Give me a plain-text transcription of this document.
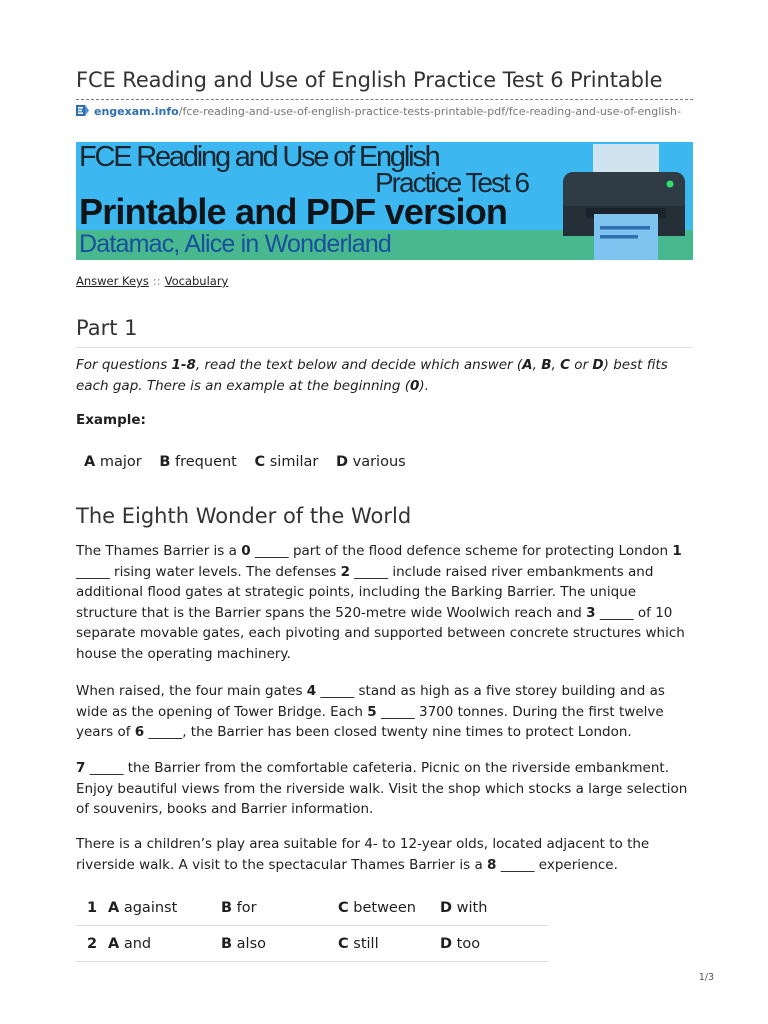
FCE Reading and Use of English Practice Test 6 Printable
engexam.info/fce-reading-and-use-of-english-practice-tests-printable-pdf/fce-reading-and-use-of-english-
FCE Reading and Use of English
Practice Test 6
Printable and PDF version
Datamac, Alice in Wonderland
Answer Keys :: Vocabulary
Part 1
For questions 1-8, read the text below and decide which answer (A, B, C or D) best fits each gap. There is an example at the beginning (0).
Example:
A major B frequent C similar D various
The Eighth Wonder of the World

The Thames Barrier is a 0 _____ part of the flood defence scheme for protecting London 1 _____ rising water levels. The defenses 2 _____ include raised river embankments and additional flood gates at strategic points, including the Barking Barrier. The unique structure that is the Barrier spans the 520-metre wide Woolwich reach and 3 _____ of 10 separate movable gates, each pivoting and supported between concrete structures which house the operating machinery.

When raised, the four main gates 4 _____ stand as high as a five storey building and as wide as the opening of Tower Bridge. Each 5 _____ 3700 tonnes. During the first twelve years of 6 _____, the Barrier has been closed twenty nine times to protect London.

7 _____ the Barrier from the comfortable cafeteria. Picnic on the riverside embankment. Enjoy beautiful views from the riverside walk. Visit the shop which stocks a large selection of souvenirs, books and Barrier information.

There is a children’s play area suitable for 4- to 12-year olds, located adjacent to the riverside walk. A visit to the spectacular Thames Barrier is a 8 _____ experience.

1	A against	B for	C between	D with
2	A and	B also	C still	D too
1/3
